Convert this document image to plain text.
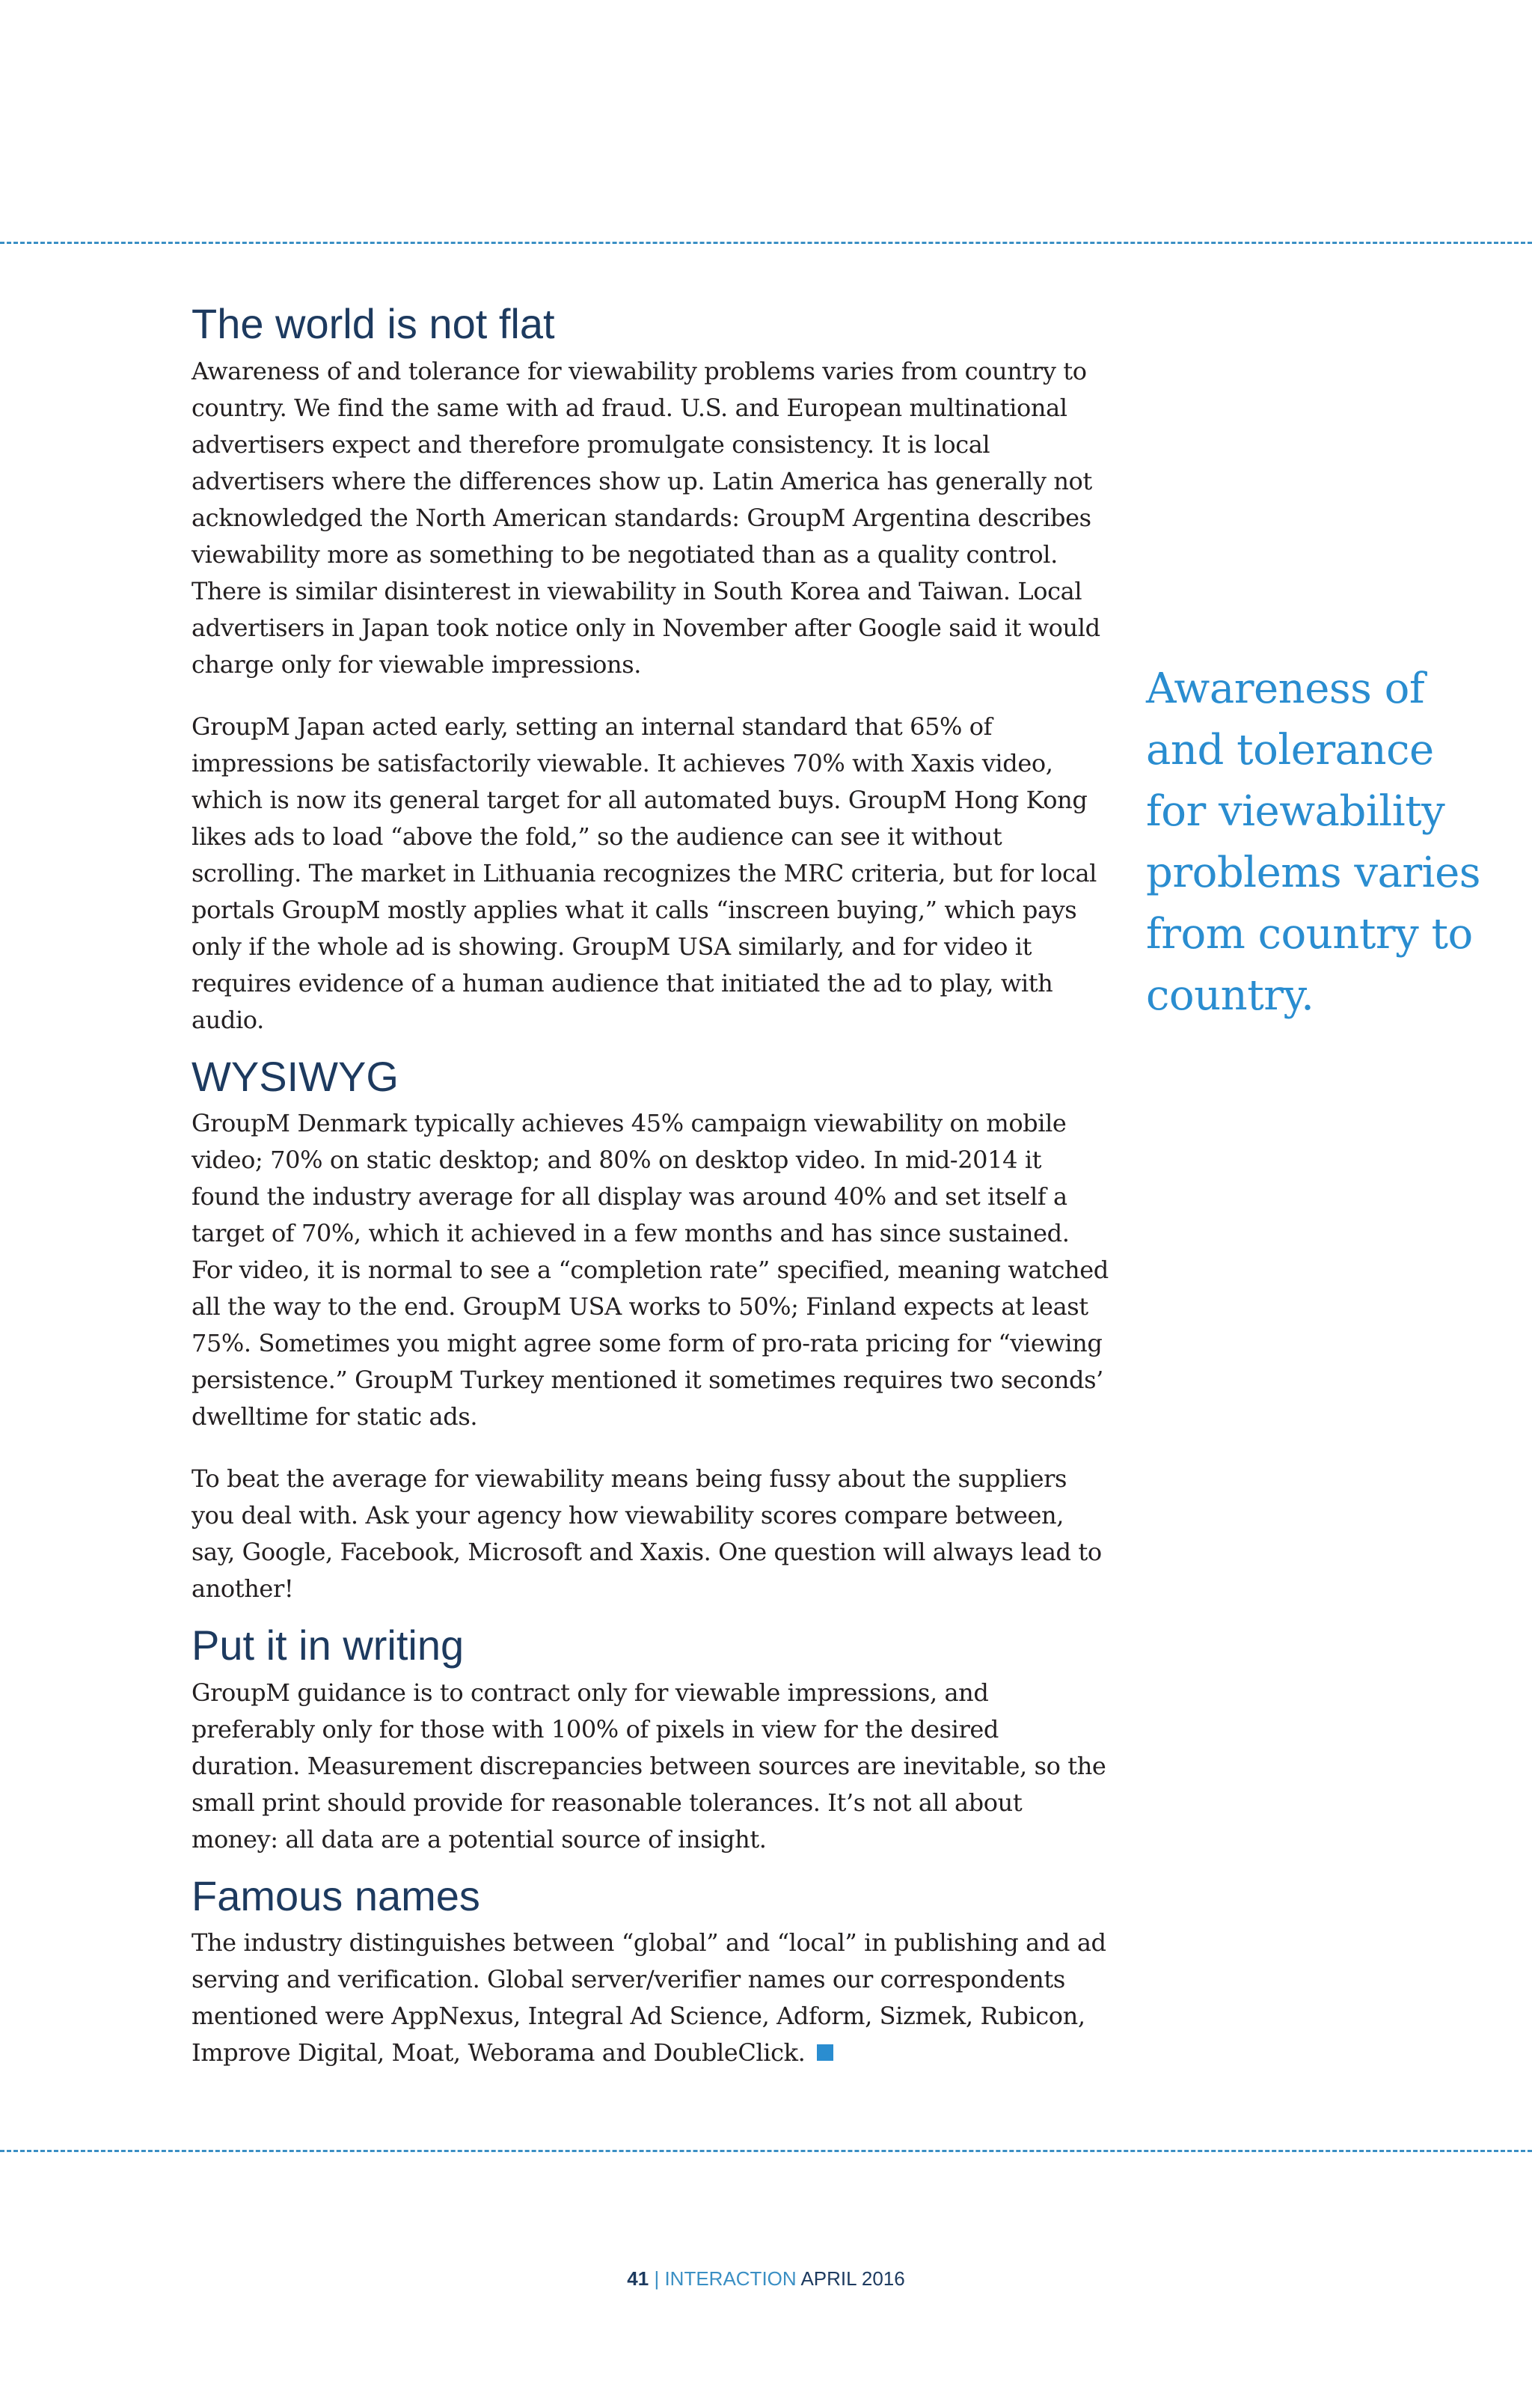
The world is not flat

Awareness of and tolerance for viewability problems varies from country to country. We find the same with ad fraud. U.S. and European multinational advertisers expect and therefore promulgate consistency. It is local advertisers where the differences show up. Latin America has generally not acknowledged the North American standards: GroupM Argentina describes viewability more as something to be negotiated than as a quality control. There is similar disinterest in viewability in South Korea and Taiwan. Local advertisers in Japan took notice only in November after Google said it would charge only for viewable impressions.

GroupM Japan acted early, setting an internal standard that 65% of impressions be satisfactorily viewable. It achieves 70% with Xaxis video, which is now its general target for all automated buys. GroupM Hong Kong likes ads to load “above the fold,” so the audience can see it without scrolling. The market in Lithuania recognizes the MRC criteria, but for local portals GroupM mostly applies what it calls “inscreen buying,” which pays only if the whole ad is showing. GroupM USA similarly, and for video it requires evidence of a human audience that initiated the ad to play, with audio.

WYSIWYG

GroupM Denmark typically achieves 45% campaign viewability on mobile video; 70% on static desktop; and 80% on desktop video. In mid-2014 it found the industry average for all display was around 40% and set itself a target of 70%, which it achieved in a few months and has since sustained. For video, it is normal to see a “completion rate” specified, meaning watched all the way to the end. GroupM USA works to 50%; Finland expects at least 75%. Sometimes you might agree some form of pro-rata pricing for “viewing persistence.” GroupM Turkey mentioned it sometimes requires two seconds’ dwelltime for static ads.

To beat the average for viewability means being fussy about the suppliers you deal with. Ask your agency how viewability scores compare between, say, Google, Facebook, Microsoft and Xaxis. One question will always lead to another!

Put it in writing

GroupM guidance is to contract only for viewable impressions, and preferably only for those with 100% of pixels in view for the desired duration. Measurement discrepancies between sources are inevitable, so the small print should provide for reasonable tolerances. It’s not all about money: all data are a potential source of insight.

Famous names

The industry distinguishes between “global” and “local” in publishing and ad serving and verification. Global server/verifier names our correspondents mentioned were AppNexus, Integral Ad Science, Adform, Sizmek, Rubicon, Improve Digital, Moat, Weborama and DoubleClick.

Awareness of and tolerance for viewability problems varies from country to country.

41 | INTERACTION APRIL 2016
